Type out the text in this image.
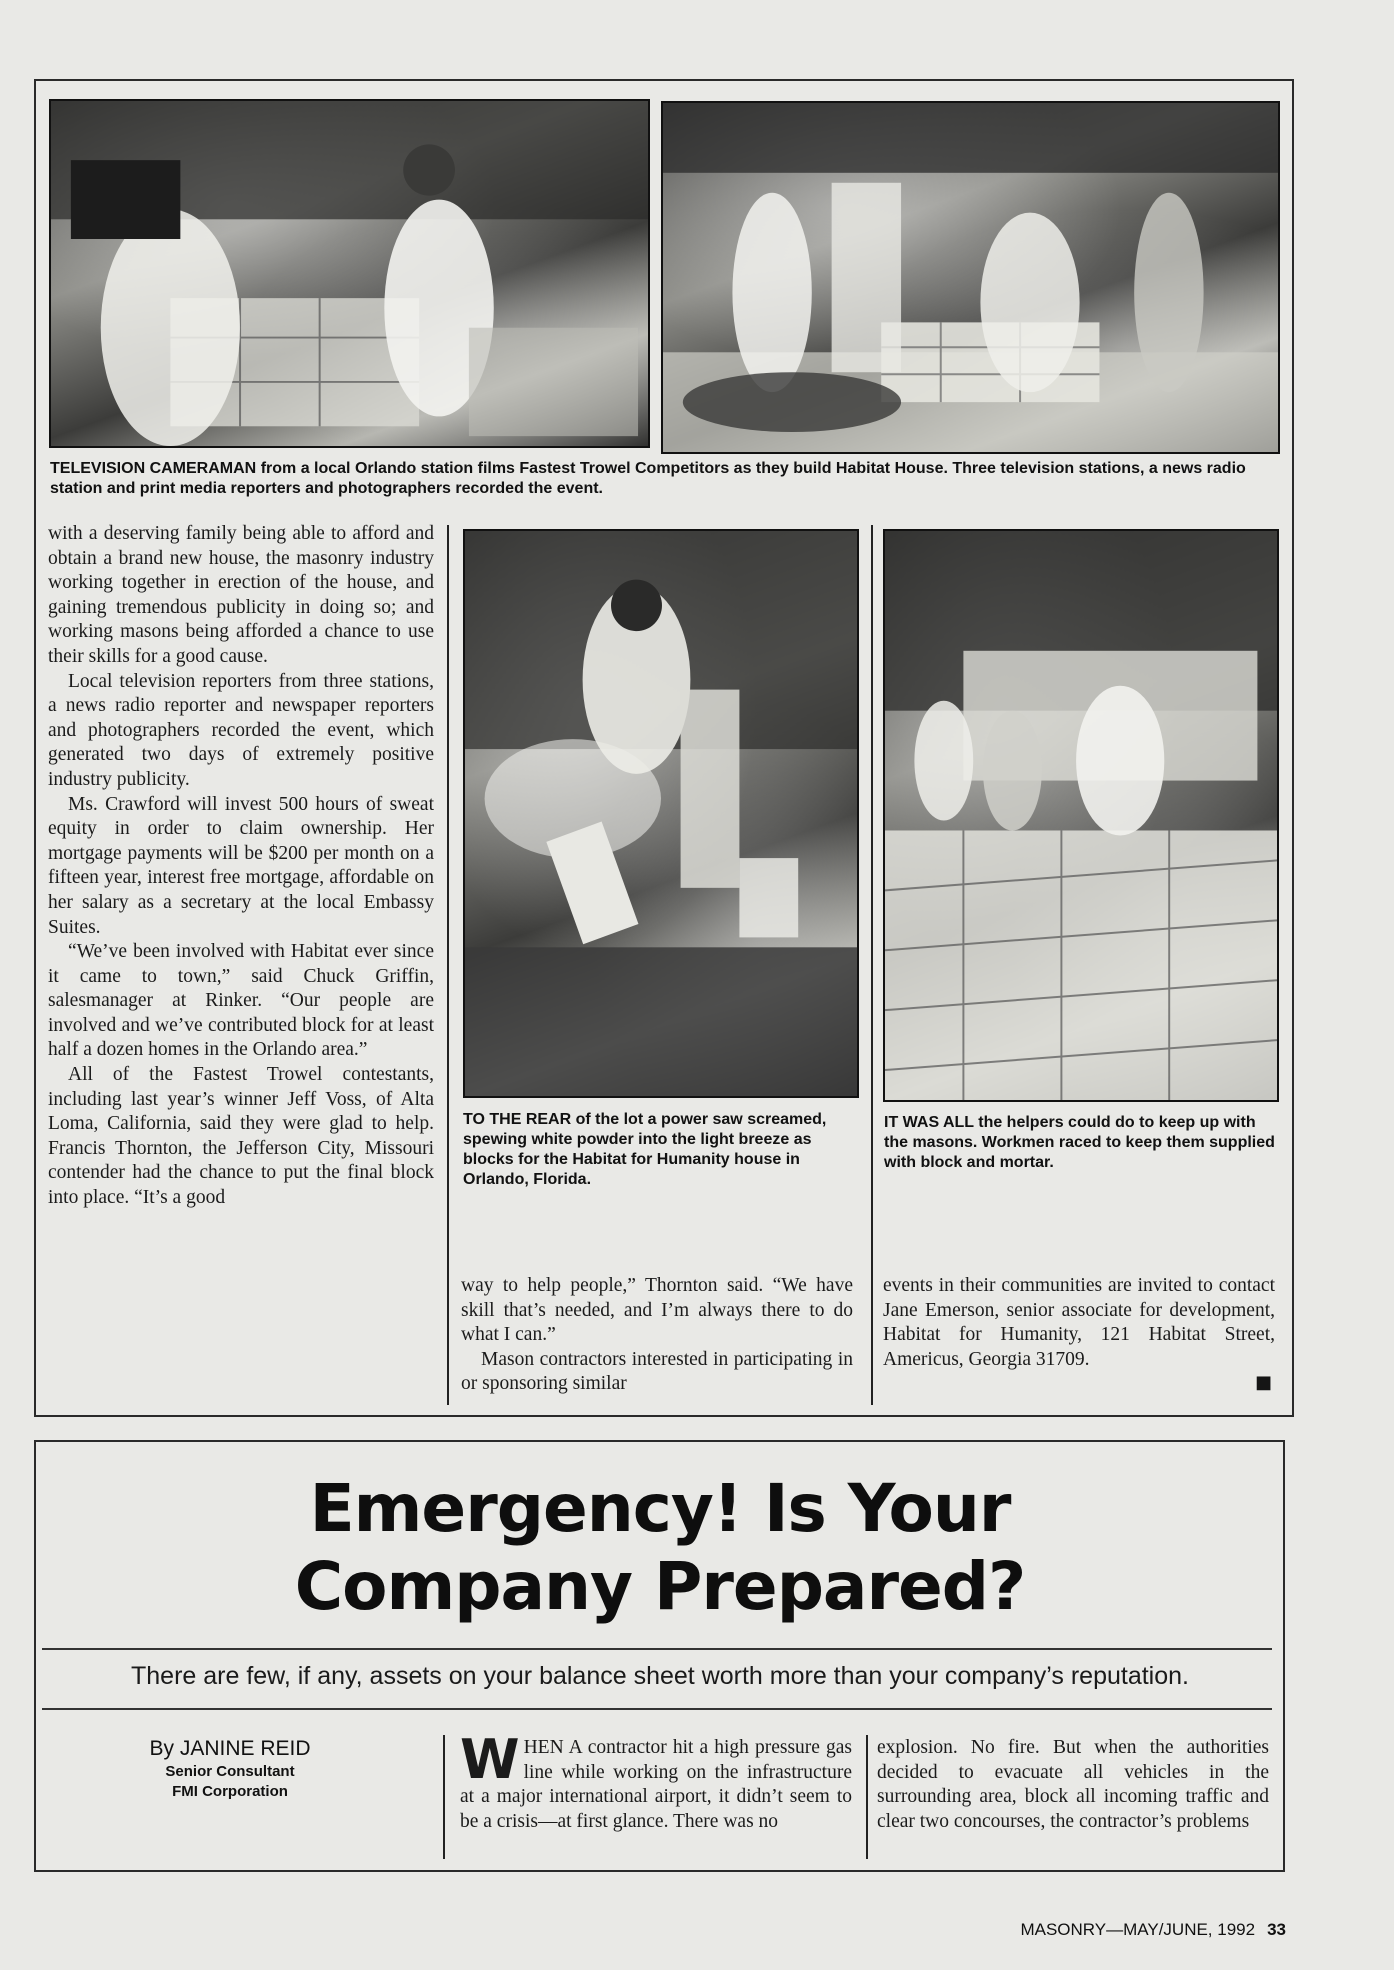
TELEVISION CAMERAMAN from a local Orlando station films Fastest Trowel Competitors as they build Habitat House. Three television stations, a news radio station and print media reporters and photographers recorded the event.

with a deserving family being able to afford and obtain a brand new house, the masonry industry working together in erection of the house, and gaining tremendous publicity in doing so; and working masons being afforded a chance to use their skills for a good cause.

Local television reporters from three stations, a news radio reporter and newspaper reporters and photographers recorded the event, which generated two days of extremely positive industry publicity.

Ms. Crawford will invest 500 hours of sweat equity in order to claim ownership. Her mortgage payments will be $200 per month on a fifteen year, interest free mortgage, affordable on her salary as a secretary at the local Embassy Suites.

“We’ve been involved with Habitat ever since it came to town,” said Chuck Griffin, salesmanager at Rinker. “Our people are involved and we’ve contributed block for at least half a dozen homes in the Orlando area.”

All of the Fastest Trowel contestants, including last year’s winner Jeff Voss, of Alta Loma, California, said they were glad to help. Francis Thornton, the Jefferson City, Missouri contender had the chance to put the final block into place. “It’s a good

TO THE REAR of the lot a power saw screamed, spewing white powder into the light breeze as blocks for the Habitat for Humanity house in Orlando, Florida.
IT WAS ALL the helpers could do to keep up with the masons. Workmen raced to keep them supplied with block and mortar.

way to help people,” Thornton said. “We have skill that’s needed, and I’m always there to do what I can.”

Mason contractors interested in participating in or sponsoring similar

events in their communities are invited to contact Jane Emerson, senior associate for development, Habitat for Humanity, 121 Habitat Street, Americus, Georgia 31709.

■
Emergency! Is Your
Company Prepared?
There are few, if any, assets on your balance sheet worth more than your company’s reputation.
By JANINE REID
Senior Consultant
FMI Corporation
WHEN A contractor hit a high pressure gas line while working on the infrastructure at a major international airport, it didn’t seem to be a crisis—at first glance. There was no
explosion. No fire. But when the authorities decided to evacuate all vehicles in the surrounding area, block all incoming traffic and clear two concourses, the contractor’s problems
MASONRY—MAY/JUNE, 1992 33
